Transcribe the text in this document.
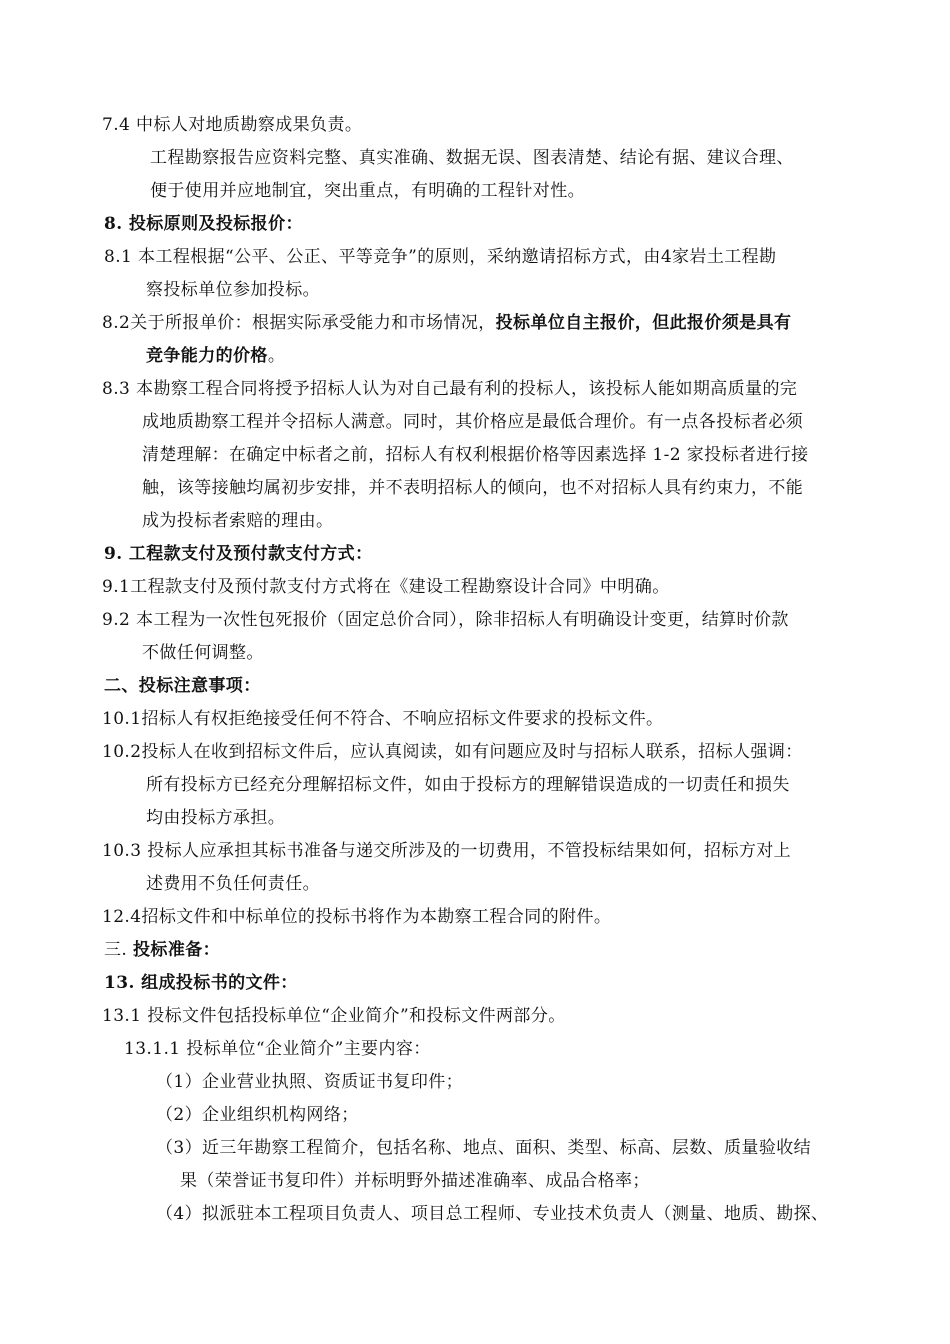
7.4 中标人对地质勘察成果负责。
工程勘察报告应资料完整、真实准确、数据无误、图表清楚、结论有据、建议合理、
便于使用并应地制宜，突出重点，有明确的工程针对性。
8. 投标原则及投标报价：
8.1 本工程根据“公平、公正、平等竞争”的原则，采纳邀请招标方式，由4家岩土工程勘
察投标单位参加投标。
8.2关于所报单价：根据实际承受能力和市场情况，投标单位自主报价，但此报价须是具有
竞争能力的价格。
8.3 本勘察工程合同将授予招标人认为对自己最有利的投标人，该投标人能如期高质量的完
成地质勘察工程并令招标人满意。同时，其价格应是最低合理价。有一点各投标者必须
清楚理解：在确定中标者之前，招标人有权利根据价格等因素选择 1-2 家投标者进行接
触，该等接触均属初步安排，并不表明招标人的倾向，也不对招标人具有约束力，不能
成为投标者索赔的理由。
9. 工程款支付及预付款支付方式：
9.1工程款支付及预付款支付方式将在《建设工程勘察设计合同》中明确。
9.2 本工程为一次性包死报价（固定总价合同），除非招标人有明确设计变更，结算时价款
不做任何调整。
二、投标注意事项：
10.1招标人有权拒绝接受任何不符合、不响应招标文件要求的投标文件。
10.2投标人在收到招标文件后，应认真阅读，如有问题应及时与招标人联系，招标人强调：
所有投标方已经充分理解招标文件，如由于投标方的理解错误造成的一切责任和损失
均由投标方承担。
10.3 投标人应承担其标书准备与递交所涉及的一切费用，不管投标结果如何，招标方对上
述费用不负任何责任。
12.4招标文件和中标单位的投标书将作为本勘察工程合同的附件。
三. 投标准备：
13. 组成投标书的文件：
13.1 投标文件包括投标单位“企业简介”和投标文件两部分。
13.1.1 投标单位“企业简介”主要内容：
（1）企业营业执照、资质证书复印件；
（2）企业组织机构网络；
（3）近三年勘察工程简介，包括名称、地点、面积、类型、标高、层数、质量验收结
果（荣誉证书复印件）并标明野外描述准确率、成品合格率；
（4）拟派驻本工程项目负责人、项目总工程师、专业技术负责人（测量、地质、勘探、
